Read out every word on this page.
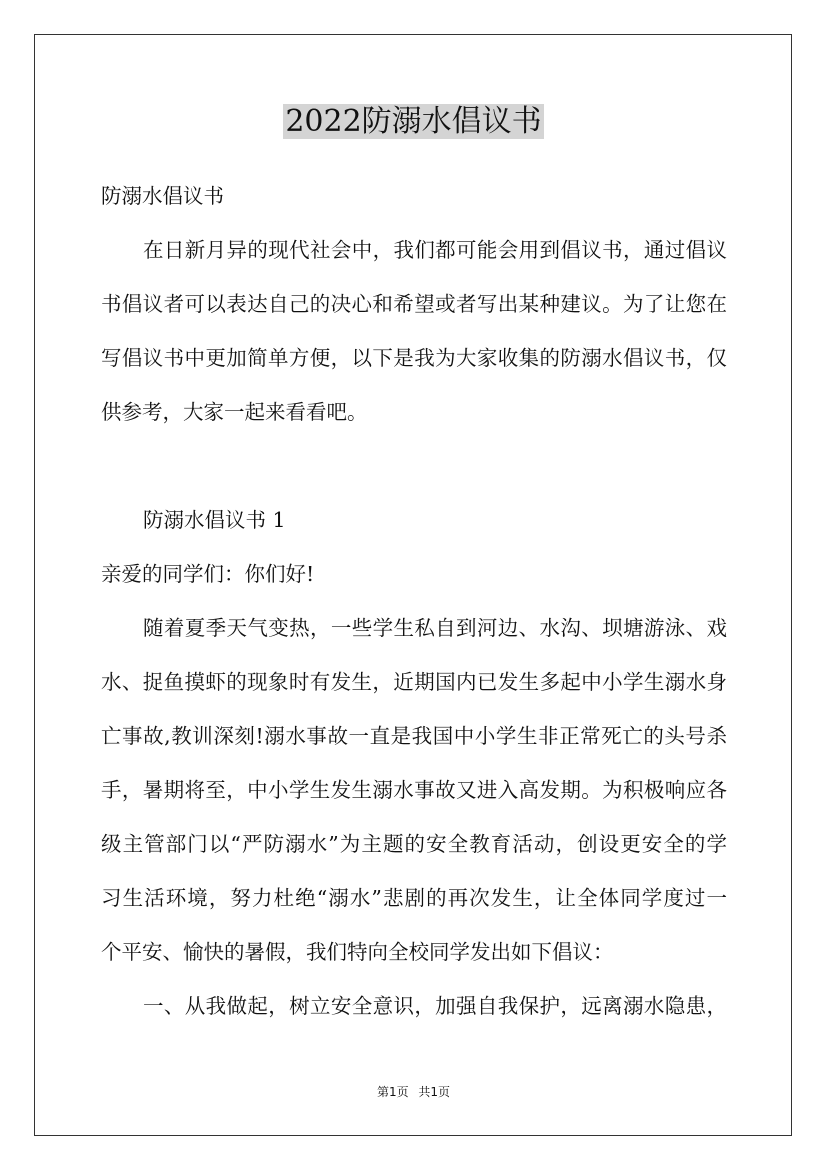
2022防溺水倡议书
防溺水倡议书
在日新月异的现代社会中，我们都可能会用到倡议书，通过倡议
书倡议者可以表达自己的决心和希望或者写出某种建议。为了让您在
写倡议书中更加简单方便，以下是我为大家收集的防溺水倡议书，仅
供参考，大家一起来看看吧。
防溺水倡议书 1
亲爱的同学们：你们好!
随着夏季天气变热，一些学生私自到河边、水沟、坝塘游泳、戏
水、捉鱼摸虾的现象时有发生，近期国内已发生多起中小学生溺水身
亡事故,教训深刻!溺水事故一直是我国中小学生非正常死亡的头号杀
手，暑期将至，中小学生发生溺水事故又进入高发期。为积极响应各
级主管部门以“严防溺水”为主题的安全教育活动，创设更安全的学
习生活环境，努力杜绝“溺水”悲剧的再次发生，让全体同学度过一
个平安、愉快的暑假，我们特向全校同学发出如下倡议：
一、从我做起，树立安全意识，加强自我保护，远离溺水隐患，
第1页 共1页
